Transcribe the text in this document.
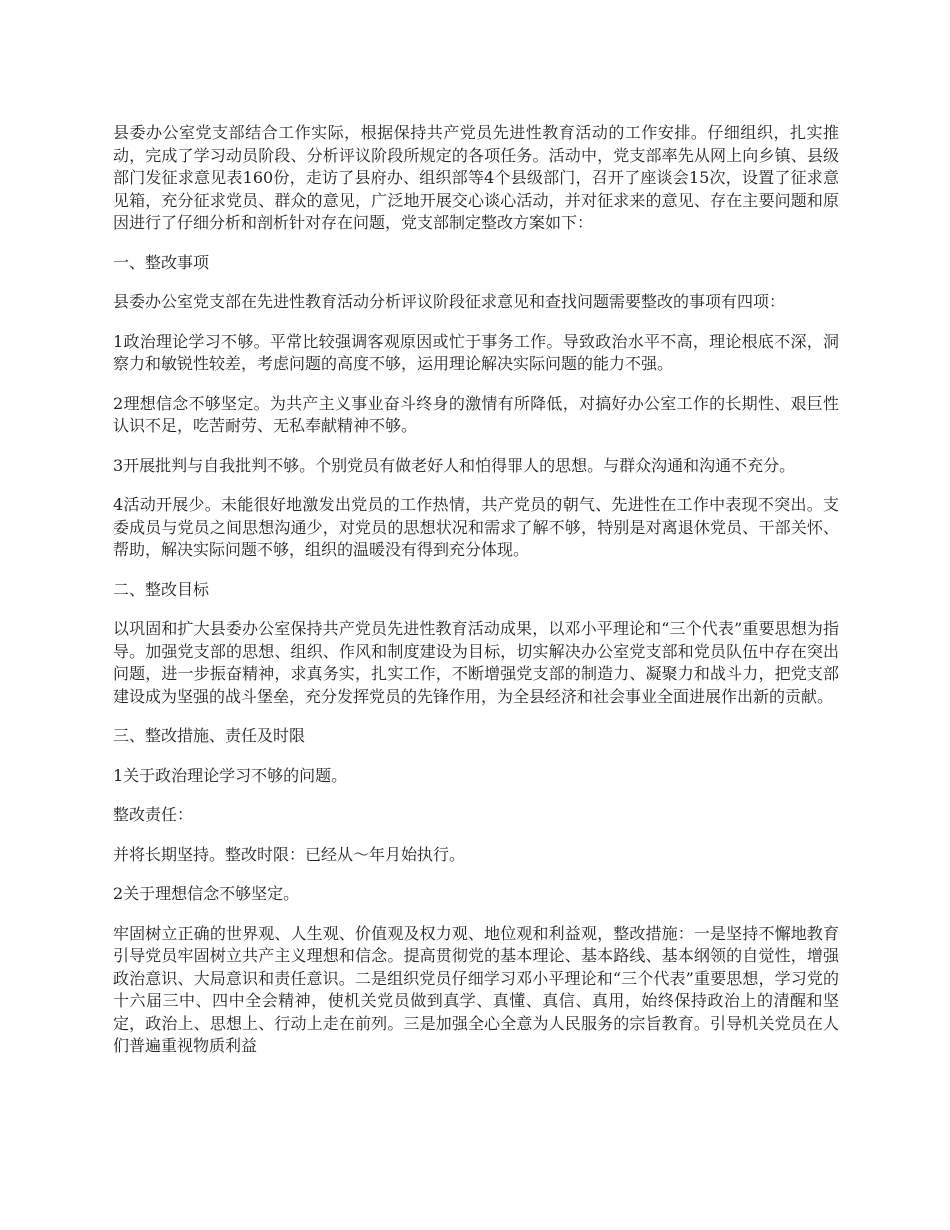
县委办公室党支部结合工作实际，根据保持共产党员先进性教育活动的工作安排。仔细组织，扎实推动，完成了学习动员阶段、分析评议阶段所规定的各项任务。活动中，党支部率先从网上向乡镇、县级部门发征求意见表160份，走访了县府办、组织部等4个县级部门，召开了座谈会15次，设置了征求意见箱，充分征求党员、群众的意见，广泛地开展交心谈心活动，并对征求来的意见、存在主要问题和原因进行了仔细分析和剖析针对存在问题，党支部制定整改方案如下：

一、整改事项

县委办公室党支部在先进性教育活动分析评议阶段征求意见和查找问题需要整改的事项有四项：

1政治理论学习不够。平常比较强调客观原因或忙于事务工作。导致政治水平不高，理论根底不深，洞察力和敏锐性较差，考虑问题的高度不够，运用理论解决实际问题的能力不强。

2理想信念不够坚定。为共产主义事业奋斗终身的激情有所降低，对搞好办公室工作的长期性、艰巨性认识不足，吃苦耐劳、无私奉献精神不够。

3开展批判与自我批判不够。个别党员有做老好人和怕得罪人的思想。与群众沟通和沟通不充分。

4活动开展少。未能很好地激发出党员的工作热情，共产党员的朝气、先进性在工作中表现不突出。支委成员与党员之间思想沟通少，对党员的思想状况和需求了解不够，特别是对离退休党员、干部关怀、帮助，解决实际问题不够，组织的温暖没有得到充分体现。

二、整改目标

以巩固和扩大县委办公室保持共产党员先进性教育活动成果，以邓小平理论和“三个代表”重要思想为指导。加强党支部的思想、组织、作风和制度建设为目标，切实解决办公室党支部和党员队伍中存在突出问题，进一步振奋精神，求真务实，扎实工作，不断增强党支部的制造力、凝聚力和战斗力，把党支部建设成为坚强的战斗堡垒，充分发挥党员的先锋作用，为全县经济和社会事业全面进展作出新的贡献。

三、整改措施、责任及时限

1关于政治理论学习不够的问题。

整改责任：

并将长期坚持。整改时限：已经从～年月始执行。

2关于理想信念不够坚定。

牢固树立正确的世界观、人生观、价值观及权力观、地位观和利益观，整改措施：一是坚持不懈地教育引导党员牢固树立共产主义理想和信念。提高贯彻党的基本理论、基本路线、基本纲领的自觉性，增强政治意识、大局意识和责任意识。二是组织党员仔细学习邓小平理论和“三个代表”重要思想，学习党的十六届三中、四中全会精神，使机关党员做到真学、真懂、真信、真用，始终保持政治上的清醒和坚定，政治上、思想上、行动上走在前列。三是加强全心全意为人民服务的宗旨教育。引导机关党员在人们普遍重视物质利益
